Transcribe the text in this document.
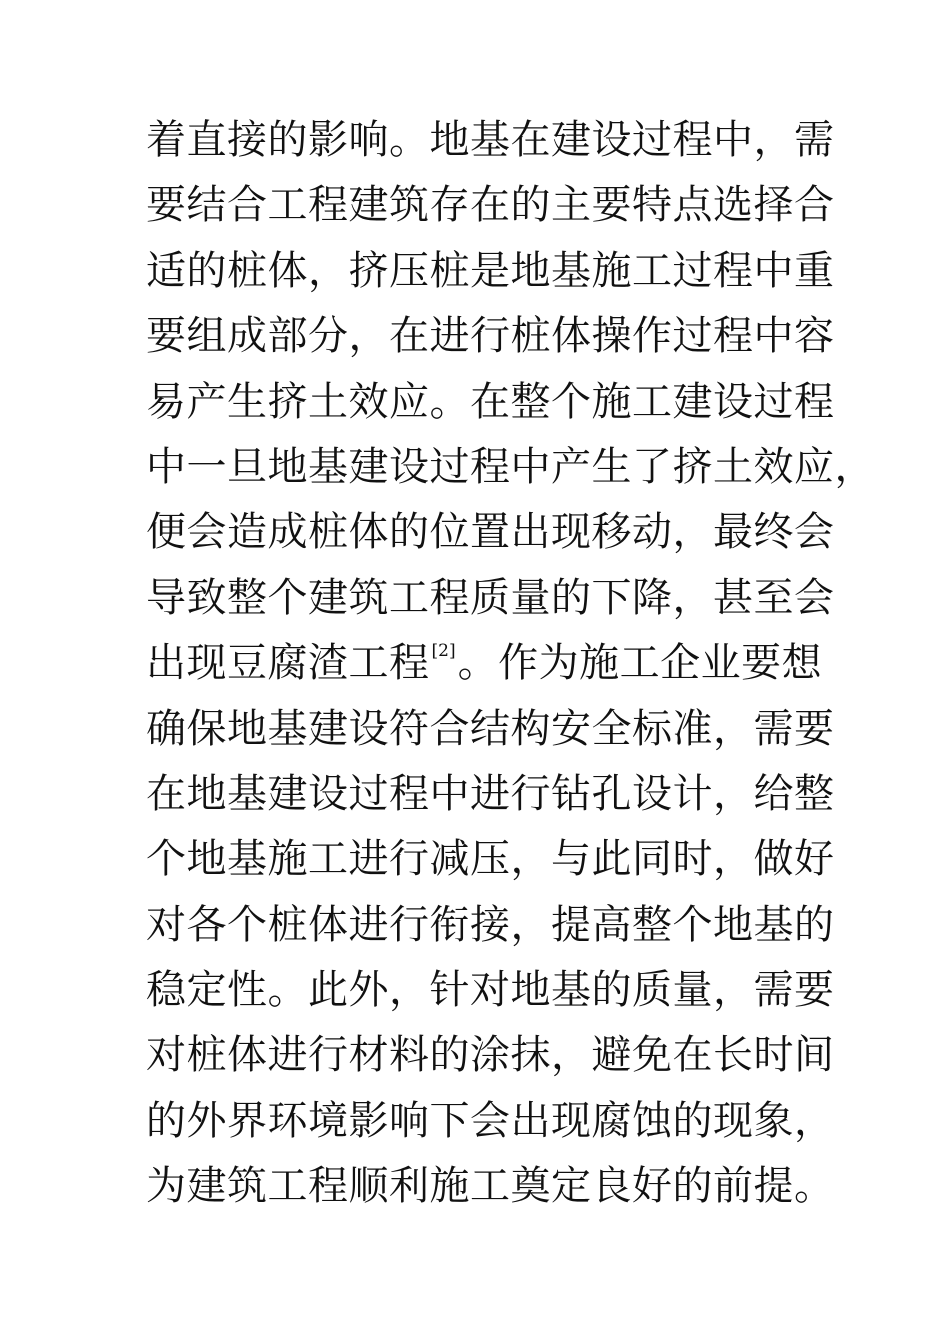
着直接的影响。地基在建设过程中，需
要结合工程建筑存在的主要特点选择合
适的桩体，挤压桩是地基施工过程中重
要组成部分，在进行桩体操作过程中容
易产生挤土效应。在整个施工建设过程
中一旦地基建设过程中产生了挤土效应，
便会造成桩体的位置出现移动，最终会
导致整个建筑工程质量的下降，甚至会
出现豆腐渣工程 [2]。作为施工企业要想
确保地基建设符合结构安全标准，需要
在地基建设过程中进行钻孔设计，给整
个地基施工进行减压，与此同时，做好
对各个桩体进行衔接，提高整个地基的
稳定性。此外，针对地基的质量，需要
对桩体进行材料的涂抹，避免在长时间
的外界环境影响下会出现腐蚀的现象，
为建筑工程顺利施工奠定良好的前提。
